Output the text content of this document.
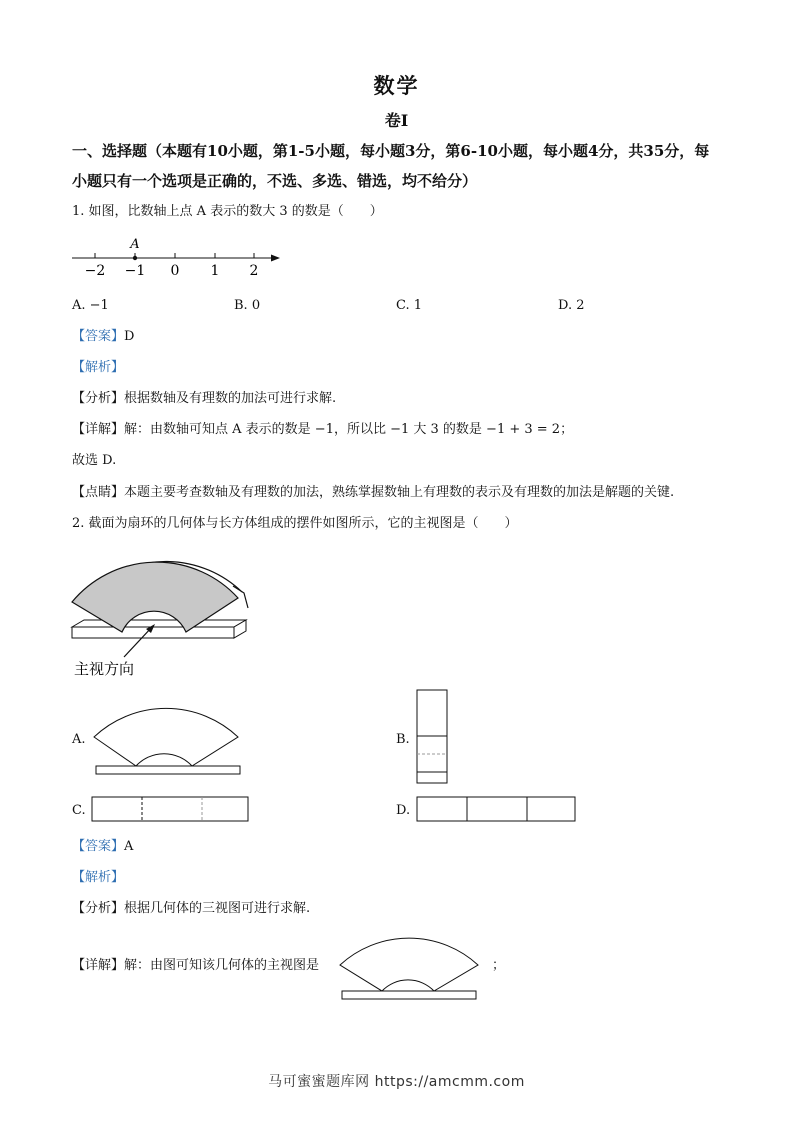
数学
卷Ⅰ
一、选择题（本题有10小题，第1-5小题，每小题3分，第6-10小题，每小题4分，共35分，每小题只有一个选项是正确的，不选、多选、错选，均不给分）
1. 如图，比数轴上点 A 表示的数大 3 的数是（　　）
A
−2 −1 0 1 2
A. −1	B. 0	C. 1	D. 2
【答案】D
【解析】
【分析】根据数轴及有理数的加法可进行求解.
【详解】解：由数轴可知点 A 表示的数是 −1，所以比 −1 大 3 的数是 −1 + 3 = 2；
故选 D.
【点睛】本题主要考查数轴及有理数的加法，熟练掌握数轴上有理数的表示及有理数的加法是解题的关键.
2. 截面为扇环的几何体与长方体组成的摆件如图所示，它的主视图是（　　）
主视方向
A.	B.
C.	D.
【答案】A
【解析】
【分析】根据几何体的三视图可进行求解.
【详解】解：由图可知该几何体的主视图是	；
马可蜜蜜题库网 https://amcmm.com
